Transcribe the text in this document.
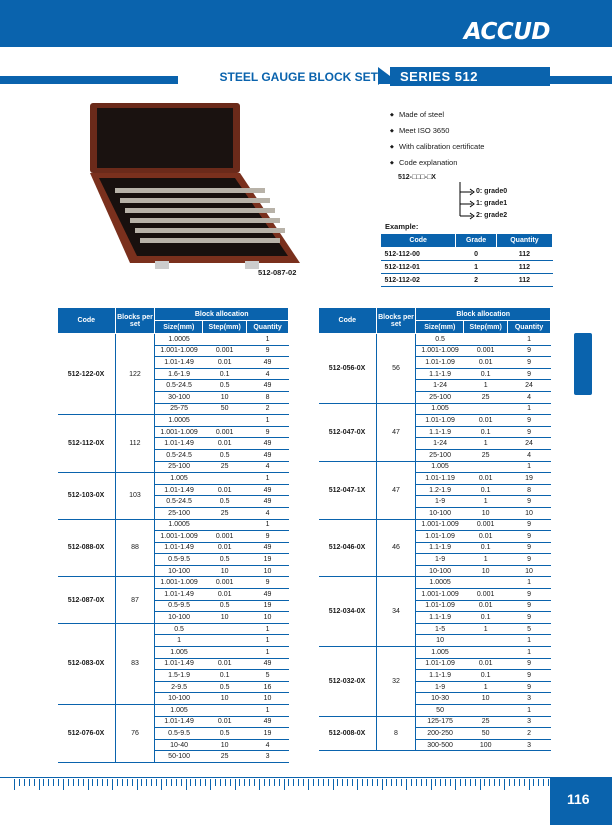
ACCUD
STEEL GAUGE BLOCK SET SERIES 512
512-087-02
◆ Made of steel
◆ Meet ISO 3650
◆ With calibration certificate
◆ Code explanation
512-□□□-□X
0: grade0
1: grade1
2: grade2
Example:
Code	Grade	Quantity
512-112-00	0	112
512-112-01	1	112
512-112-02	2	112
Code	Blocks per set	Block allocation		
		Size(mm)	Step(mm)	Quantity
512-122-0X	122	1.0005		1
		1.001-1.009	0.001	9
		1.01-1.49	0.01	49
		1.6-1.9	0.1	4
		0.5-24.5	0.5	49
		30-100	10	8
		25-75	50	2
512-112-0X	112	1.0005		1
		1.001-1.009	0.001	9
		1.01-1.49	0.01	49
		0.5-24.5	0.5	49
		25-100	25	4
512-103-0X	103	1.005		1
		1.01-1.49	0.01	49
		0.5-24.5	0.5	49
		25-100	25	4
512-088-0X	88	1.0005		1
		1.001-1.009	0.001	9
		1.01-1.49	0.01	49
		0.5-9.5	0.5	19
		10-100	10	10
512-087-0X	87	1.001-1.009	0.001	9
		1.01-1.49	0.01	49
		0.5-9.5	0.5	19
		10-100	10	10
512-083-0X	83	0.5		1
		1		1
		1.005		1
		1.01-1.49	0.01	49
		1.5-1.9	0.1	5
		2-9.5	0.5	16
		10-100	10	10
512-076-0X	76	1.005		1
		1.01-1.49	0.01	49
		0.5-9.5	0.5	19
		10-40	10	4
		50-100	25	3
Code	Blocks per set	Block allocation		
		Size(mm)	Step(mm)	Quantity
512-056-0X	56	0.5		1
		1.001-1.009	0.001	9
		1.01-1.09	0.01	9
		1.1-1.9	0.1	9
		1-24	1	24
		25-100	25	4
512-047-0X	47	1.005		1
		1.01-1.09	0.01	9
		1.1-1.9	0.1	9
		1-24	1	24
		25-100	25	4
512-047-1X	47	1.005		1
		1.01-1.19	0.01	19
		1.2-1.9	0.1	8
		1-9	1	9
		10-100	10	10
512-046-0X	46	1.001-1.009	0.001	9
		1.01-1.09	0.01	9
		1.1-1.9	0.1	9
		1-9	1	9
		10-100	10	10
512-034-0X	34	1.0005		1
		1.001-1.009	0.001	9
		1.01-1.09	0.01	9
		1.1-1.9	0.1	9
		1-5	1	5
		10		1
512-032-0X	32	1.005		1
		1.01-1.09	0.01	9
		1.1-1.9	0.1	9
		1-9	1	9
		10-30	10	3
		50		1
512-008-0X	8	125-175	25	3
		200-250	50	2
		300-500	100	3
116
